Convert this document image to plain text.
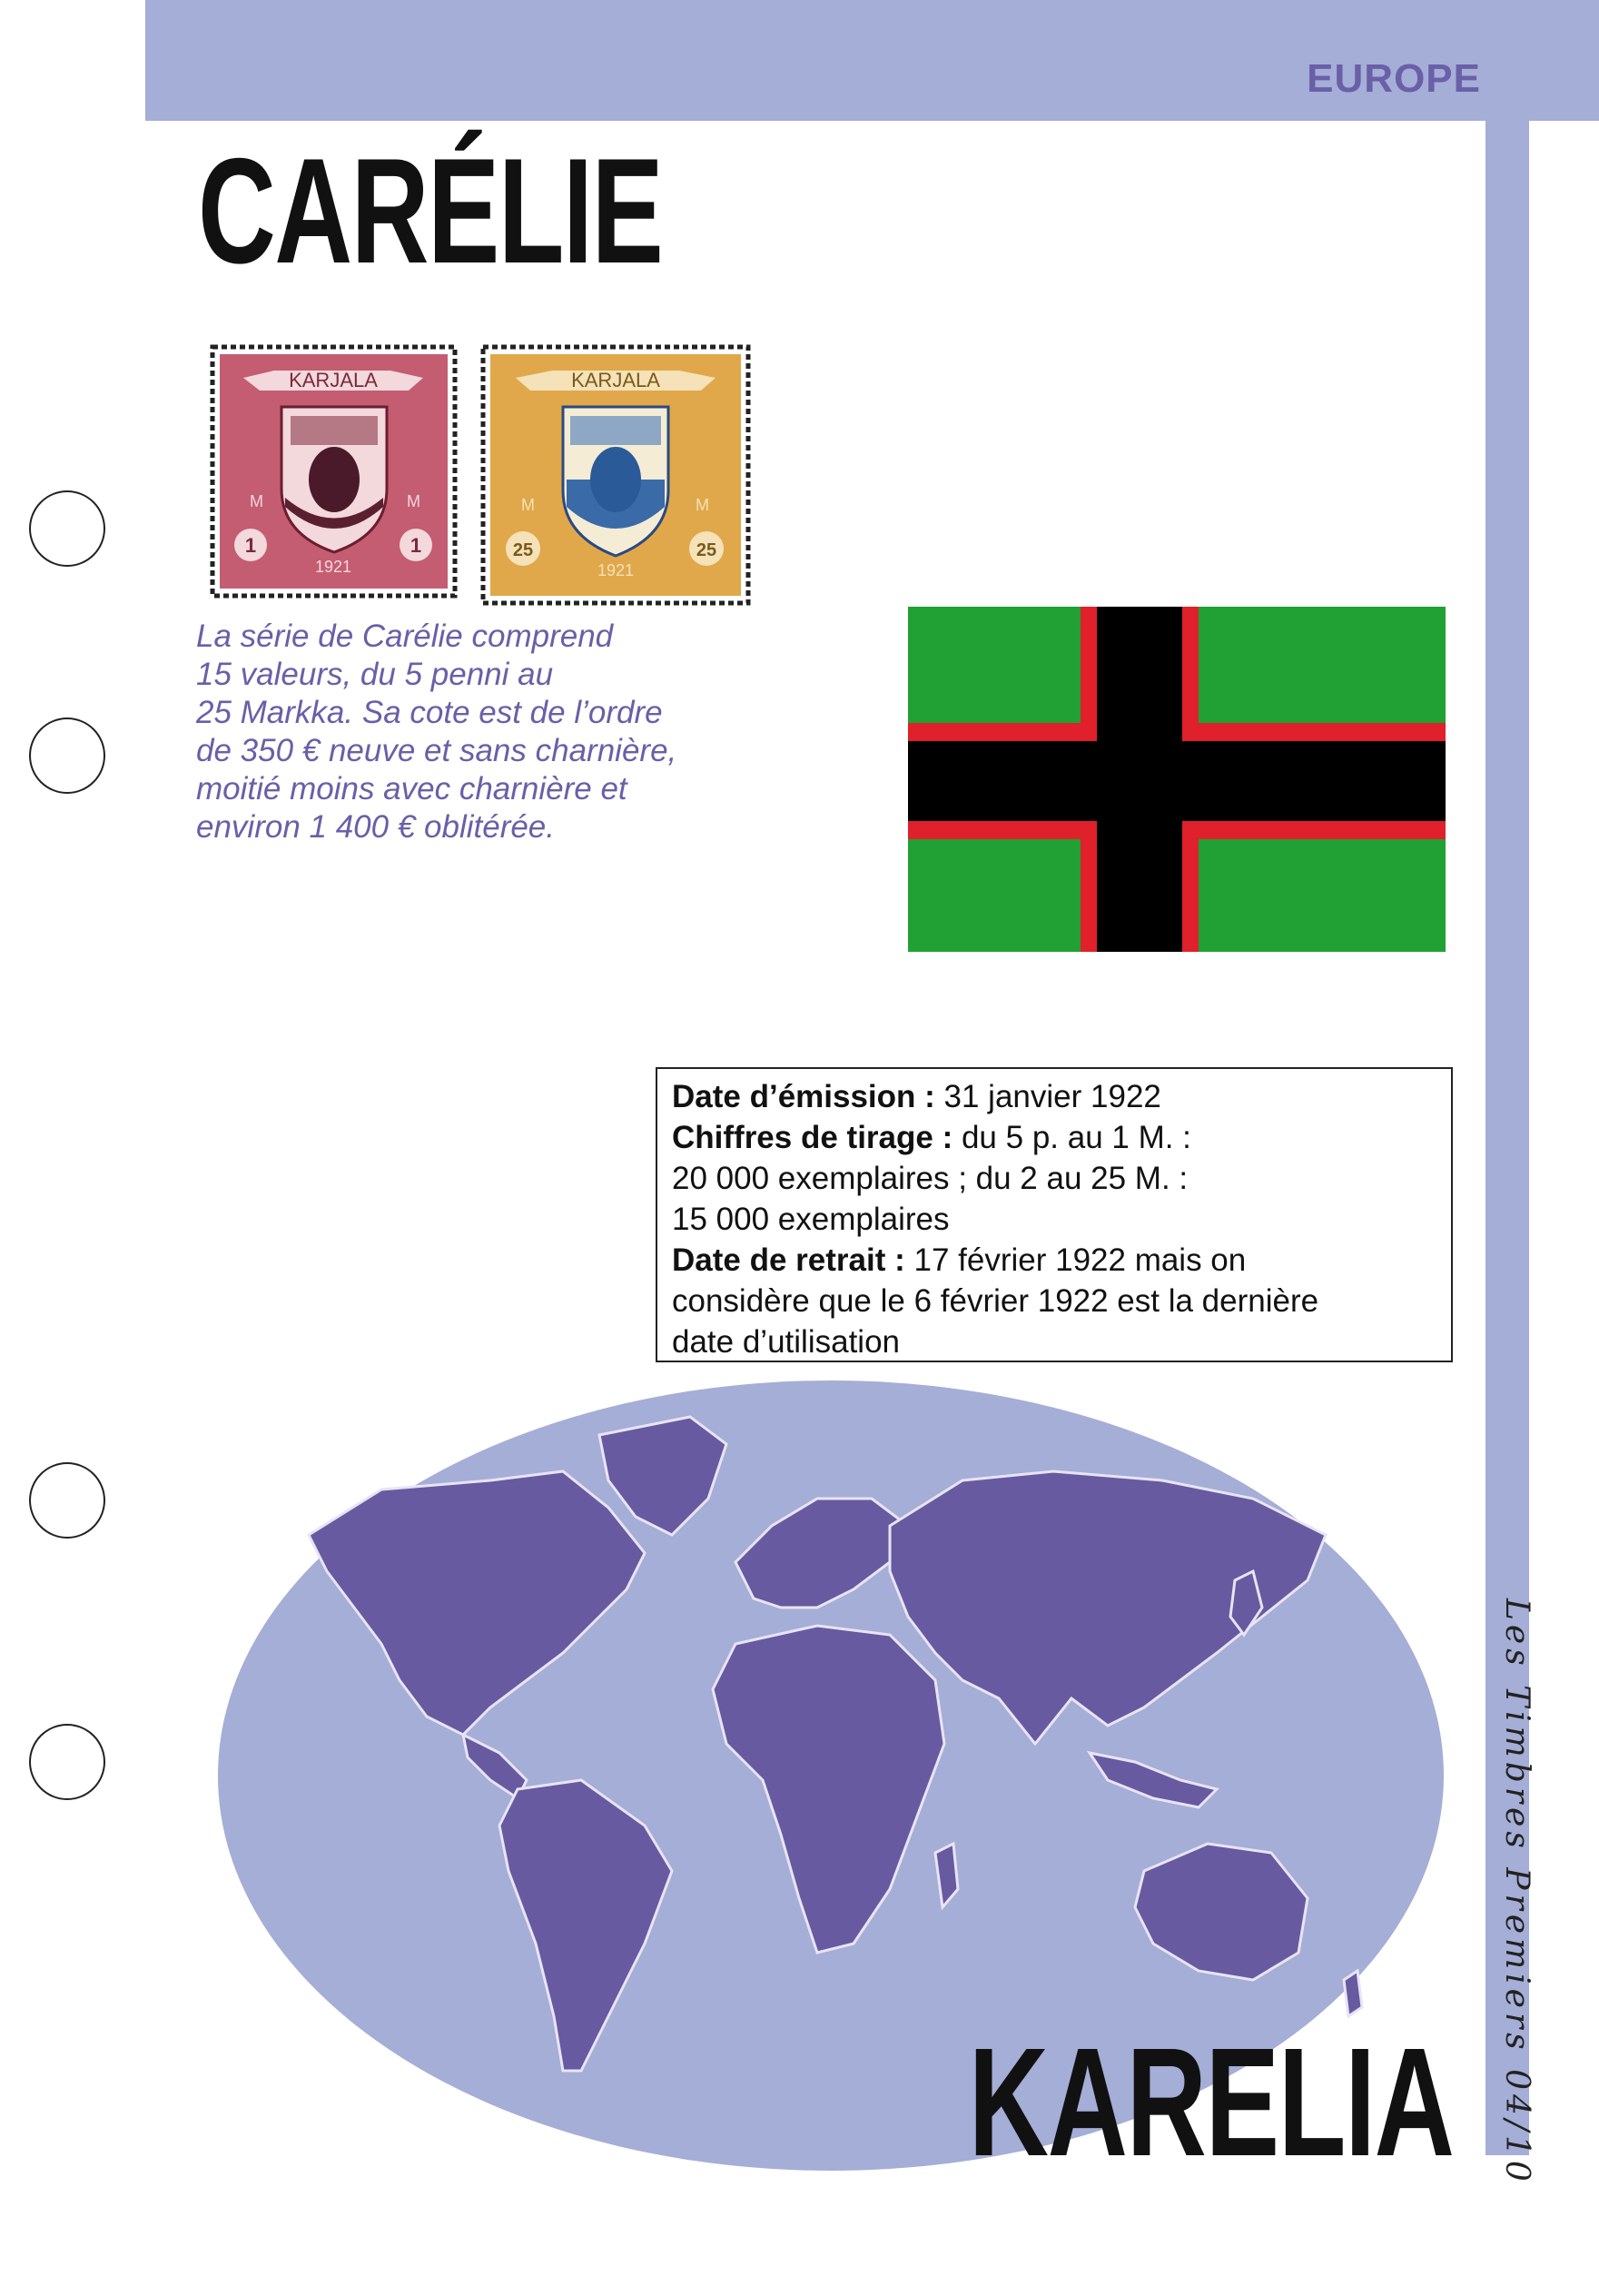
EUROPE
CARÉLIE
KARJALA
M	M
1	1
1921
KARJALA
M	M
25	25
1921
La série de Carélie comprend
15 valeurs, du 5 penni au
25 Markka. Sa cote est de l’ordre
de 350 € neuve et sans charnière,
moitié moins avec charnière et
environ 1 400 € oblitérée.
Date d’émission : 31 janvier 1922
Chiffres de tirage : du 5 p. au 1 M. :
20 000 exemplaires ; du 2 au 25 M. :
15 000 exemplaires
Date de retrait : 17 février 1922 mais on
considère que le 6 février 1922 est la dernière
date d’utilisation
KARELIA Les Timbres Premiers 04/10
